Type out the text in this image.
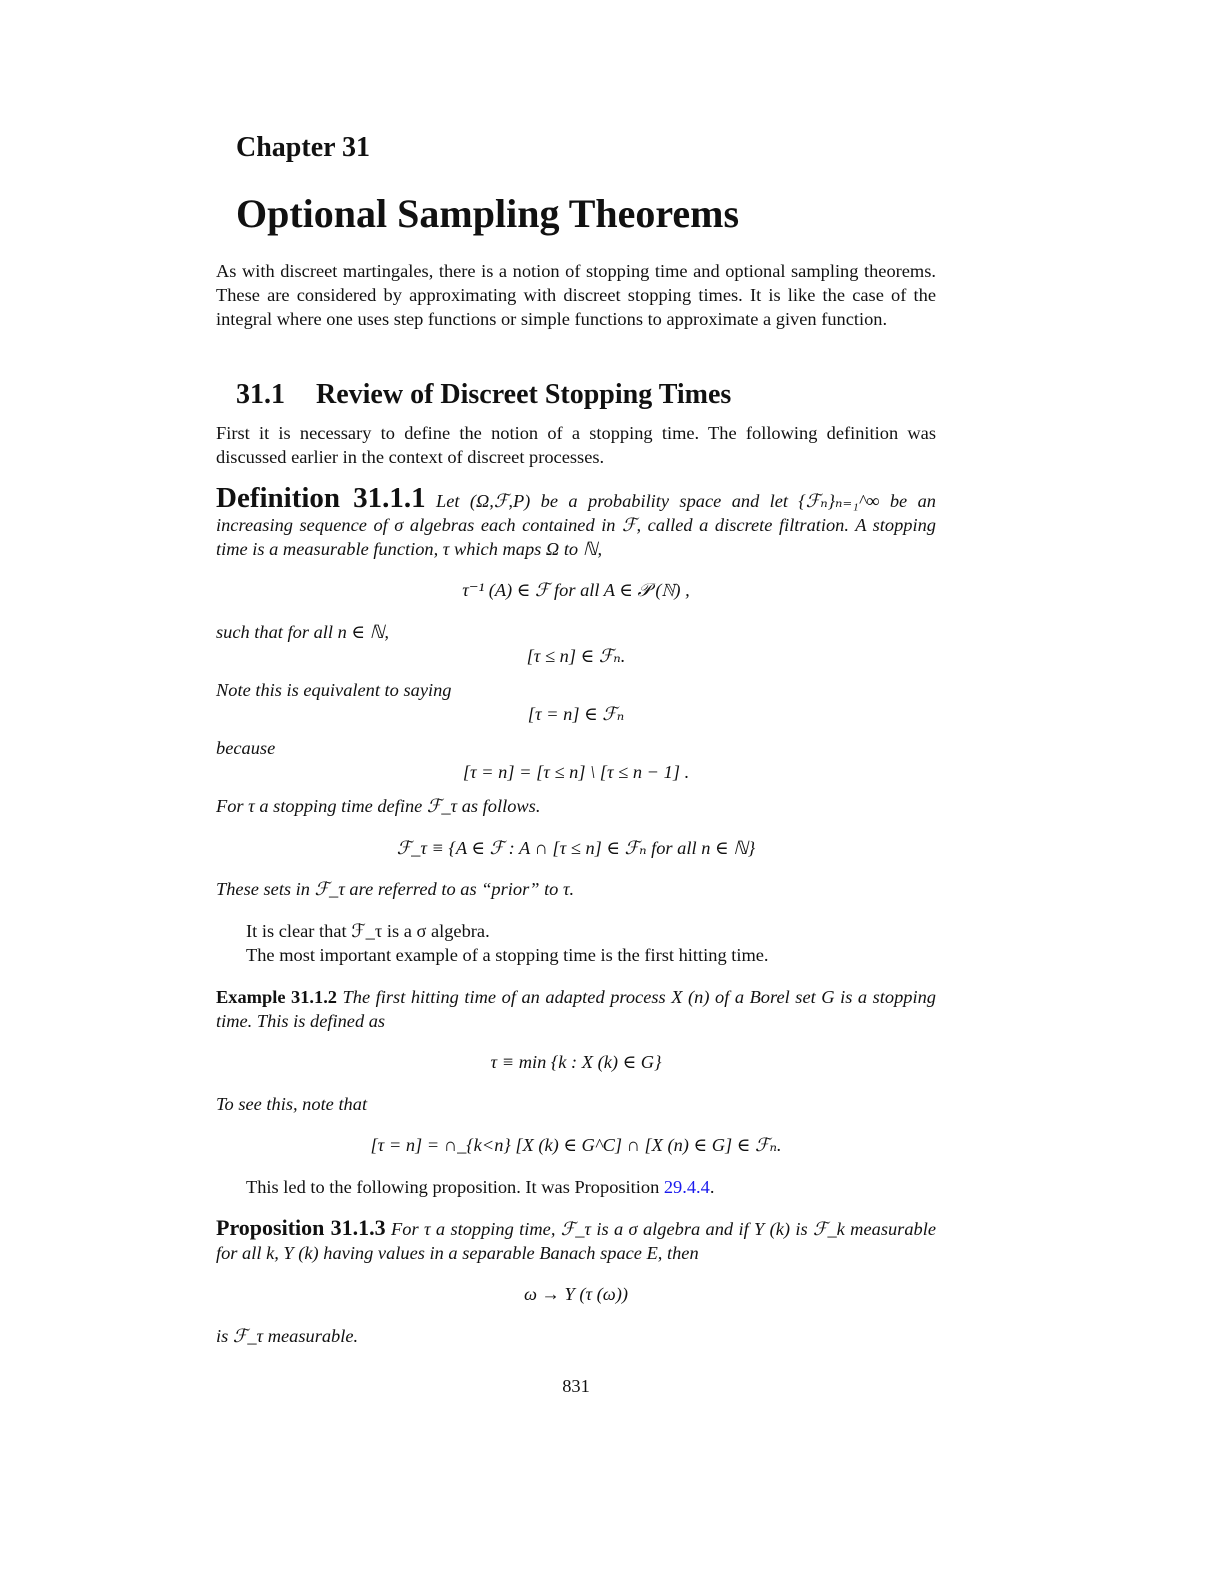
Chapter 31
Optional Sampling Theorems
As with discreet martingales, there is a notion of stopping time and optional sampling theorems. These are considered by approximating with discreet stopping times. It is like the case of the integral where one uses step functions or simple functions to approximate a given function.
31.1 Review of Discreet Stopping Times
First it is necessary to define the notion of a stopping time. The following definition was discussed earlier in the context of discreet processes.
Definition 31.1.1 Let (Ω,ℱ,P) be a probability space and let {ℱₙ}ₙ₌₁^∞ be an increasing sequence of σ algebras each contained in ℱ, called a discrete filtration. A stopping time is a measurable function, τ which maps Ω to ℕ,
τ⁻¹ (A) ∈ ℱ for all A ∈ 𝒫 (ℕ) ,
such that for all n ∈ ℕ,
[τ ≤ n] ∈ ℱₙ.
Note this is equivalent to saying
[τ = n] ∈ ℱₙ
because
[τ = n] = [τ ≤ n] \ [τ ≤ n − 1] .
For τ a stopping time define ℱ_τ as follows.
ℱ_τ ≡ {A ∈ ℱ : A ∩ [τ ≤ n] ∈ ℱₙ for all n ∈ ℕ}
These sets in ℱ_τ are referred to as “prior” to τ.
It is clear that ℱ_τ is a σ algebra.
The most important example of a stopping time is the first hitting time.
Example 31.1.2 The first hitting time of an adapted process X (n) of a Borel set G is a stopping time. This is defined as
τ ≡ min {k : X (k) ∈ G}
To see this, note that
[τ = n] = ∩_{k<n} [X (k) ∈ G^C] ∩ [X (n) ∈ G] ∈ ℱₙ.
This led to the following proposition. It was Proposition 29.4.4.
Proposition 31.1.3 For τ a stopping time, ℱ_τ is a σ algebra and if Y (k) is ℱ_k measurable for all k, Y (k) having values in a separable Banach space E, then
ω → Y (τ (ω))
is ℱ_τ measurable.
831
